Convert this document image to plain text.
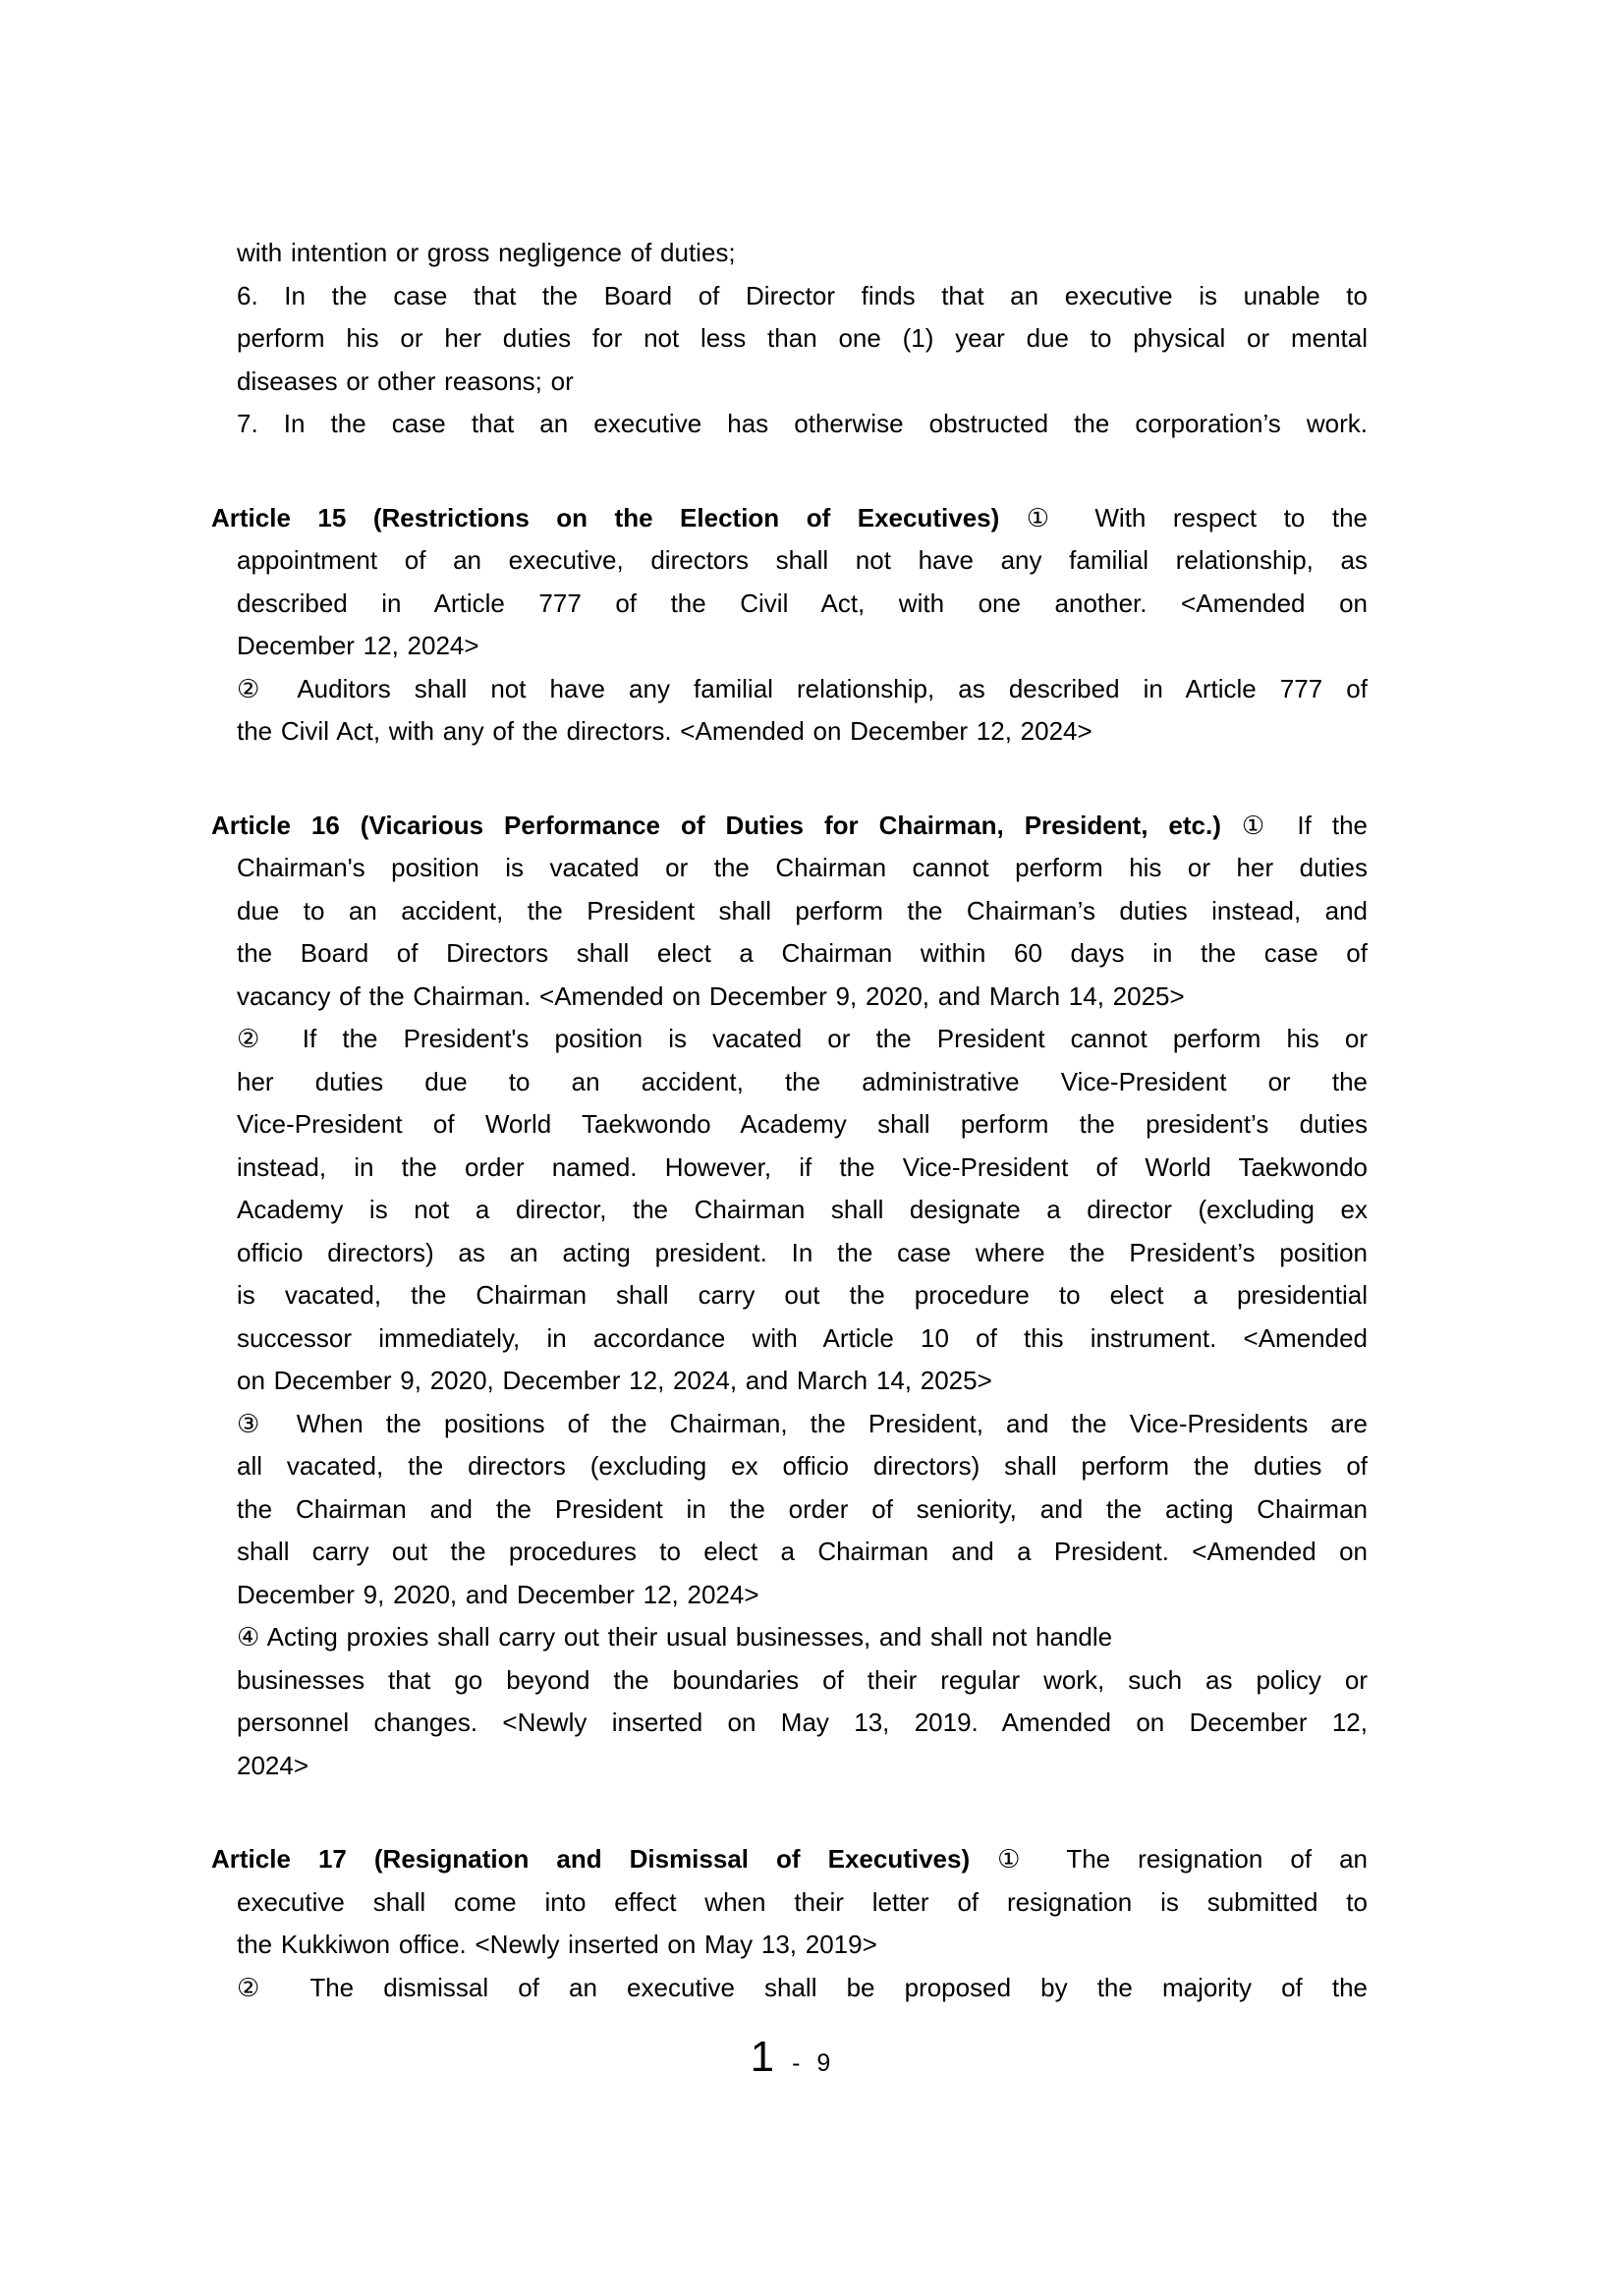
with intention or gross negligence of duties;
6. In the case that the Board of Director finds that an executive is unable to
perform his or her duties for not less than one (1) year due to physical or mental
diseases or other reasons; or
7. In the case that an executive has otherwise obstructed the corporation’s work.
Article 15 (Restrictions on the Election of Executives) ① With respect to the
appointment of an executive, directors shall not have any familial relationship, as
described in Article 777 of the Civil Act, with one another. <Amended on
December 12, 2024>
② Auditors shall not have any familial relationship, as described in Article 777 of
the Civil Act, with any of the directors. <Amended on December 12, 2024>
Article 16 (Vicarious Performance of Duties for Chairman, President, etc.) ① If the
Chairman's position is vacated or the Chairman cannot perform his or her duties
due to an accident, the President shall perform the Chairman’s duties instead, and
the Board of Directors shall elect a Chairman within 60 days in the case of
vacancy of the Chairman. <Amended on December 9, 2020, and March 14, 2025>
② If the President's position is vacated or the President cannot perform his or
her duties due to an accident, the administrative Vice-President or the
Vice-President of World Taekwondo Academy shall perform the president’s duties
instead, in the order named. However, if the Vice-President of World Taekwondo
Academy is not a director, the Chairman shall designate a director (excluding ex
officio directors) as an acting president. In the case where the President’s position
is vacated, the Chairman shall carry out the procedure to elect a presidential
successor immediately, in accordance with Article 10 of this instrument. <Amended
on December 9, 2020, December 12, 2024, and March 14, 2025>
③ When the positions of the Chairman, the President, and the Vice-Presidents are
all vacated, the directors (excluding ex officio directors) shall perform the duties of
the Chairman and the President in the order of seniority, and the acting Chairman
shall carry out the procedures to elect a Chairman and a President. <Amended on
December 9, 2020, and December 12, 2024>
④ Acting proxies shall carry out their usual businesses, and shall not handle
businesses that go beyond the boundaries of their regular work, such as policy or
personnel changes. <Newly inserted on May 13, 2019. Amended on December 12,
2024>
Article 17 (Resignation and Dismissal of Executives) ① The resignation of an
executive shall come into effect when their letter of resignation is submitted to
the Kukkiwon office. <Newly inserted on May 13, 2019>
② The dismissal of an executive shall be proposed by the majority of the
1 - 9
